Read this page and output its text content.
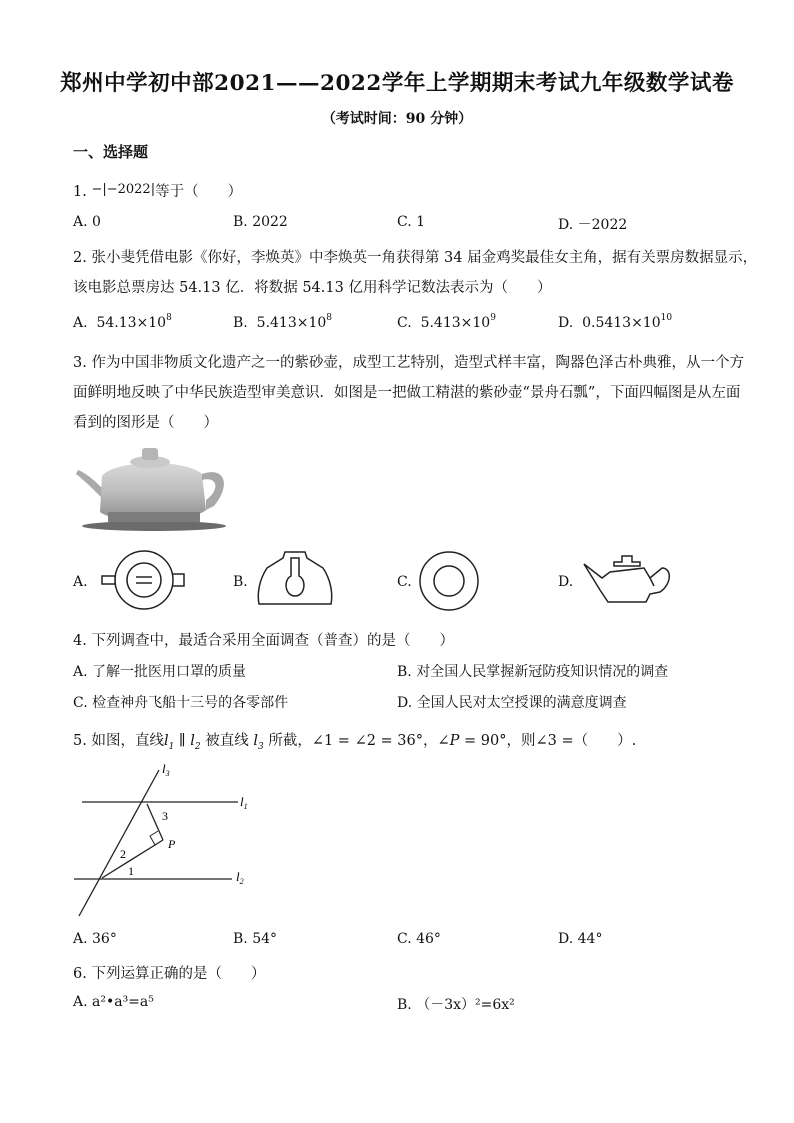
郑州中学初中部2021——2022学年上学期期末考试九年级数学试卷
（考试时间：90 分钟）
一、选择题
1. −|−2022|等于（　　）
A. 0	B. 2022	C. 1	D. －2022
2. 张小斐凭借电影《你好，李焕英》中李焕英一角获得第 34 届金鸡奖最佳女主角，据有关票房数据显示，
该电影总票房达 54.13 亿．将数据 54.13 亿用科学记数法表示为（　　）
A. $54.13\times 10^8$	B. $5.413\times 10^8$	C. $5.413\times 10^9$	D. $0.5413\times 10^{10}$
3. 作为中国非物质文化遗产之一的紫砂壶，成型工艺特别，造型式样丰富，陶器色泽古朴典雅，从一个方
面鲜明地反映了中华民族造型审美意识．如图是一把做工精湛的紫砂壶“景舟石瓢”，下面四幅图是从左面
看到的图形是（　　）
A.	B.	C.	D.
4. 下列调查中，最适合采用全面调查（普查）的是（　　）
A. 了解一批医用口罩的质量	B. 对全国人民掌握新冠防疫知识情况的调查
C. 检查神舟飞船十三号的各零部件	D. 全国人民对太空授课的满意度调查
5. 如图，直线$l_1$ ∥ $l_2$ 被直线 $l_3$ 所截，∠1 = ∠2 = 36°，∠P = 90°，则∠3 =（　　）.
$l_3$
$l_1$
$l_2$
3
P
2
1
A. 36°	B. 54°	C. 46°	D. 44°
6. 下列运算正确的是（　　）
A. a²•a³=a⁵	B. （－3x）²=6x²
